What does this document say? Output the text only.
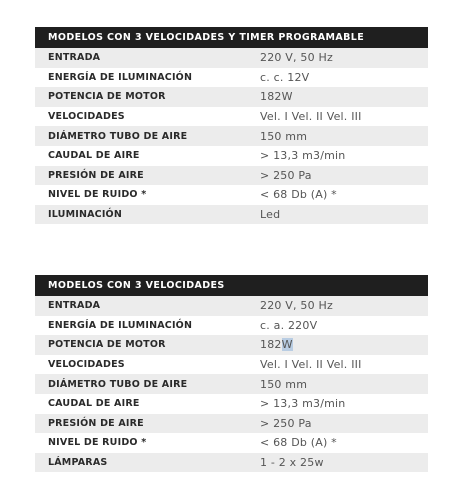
MODELOS CON 3 VELOCIDADES Y TIMER PROGRAMABLE
ENTRADA	220 V, 50 Hz
ENERGÍA DE ILUMINACIÓN	c. c. 12V
POTENCIA DE MOTOR	182W
VELOCIDADES	Vel. I Vel. II Vel. III
DIÁMETRO TUBO DE AIRE	150 mm
CAUDAL DE AIRE	> 13,3 m3/min
PRESIÓN DE AIRE	> 250 Pa
NIVEL DE RUIDO *	< 68 Db (A) *
ILUMINACIÓN	Led
MODELOS CON 3 VELOCIDADES
ENTRADA	220 V, 50 Hz
ENERGÍA DE ILUMINACIÓN	c. a. 220V
POTENCIA DE MOTOR	182W
VELOCIDADES	Vel. I Vel. II Vel. III
DIÁMETRO TUBO DE AIRE	150 mm
CAUDAL DE AIRE	> 13,3 m3/min
PRESIÓN DE AIRE	> 250 Pa
NIVEL DE RUIDO *	< 68 Db (A) *
LÁMPARAS	1 - 2 x 25w
